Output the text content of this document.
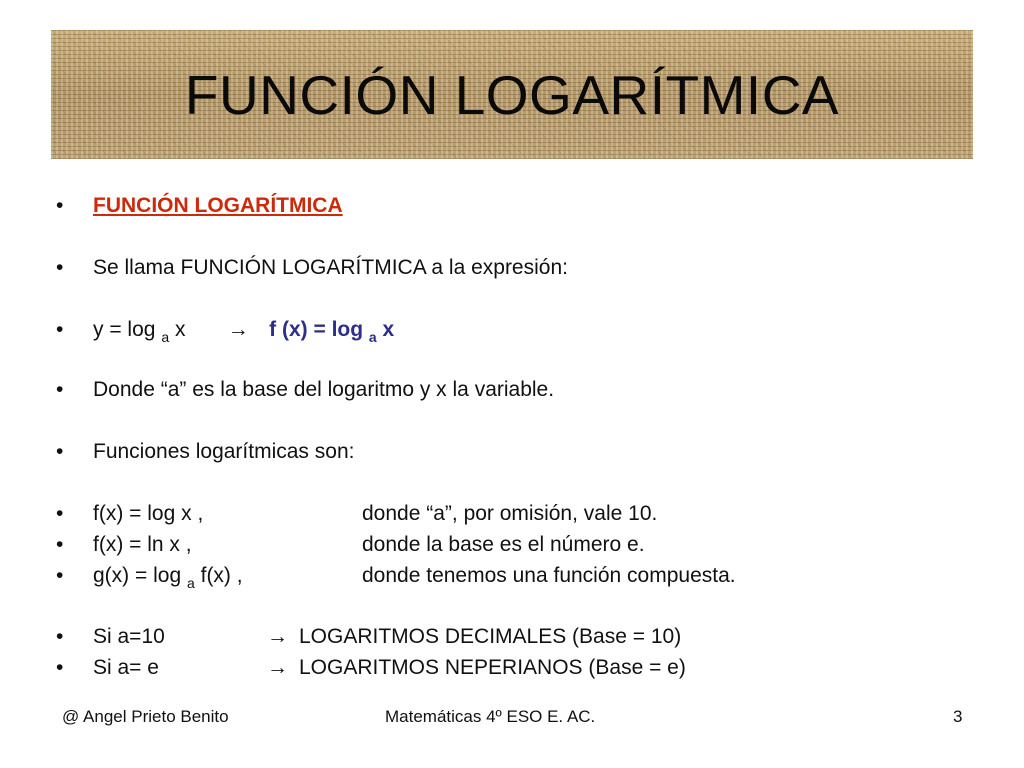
FUNCIÓN LOGARÍTMICA
• FUNCIÓN LOGARÍTMICA
• Se llama FUNCIÓN LOGARÍTMICA a la expresión:
• y = log $_a$ x → f (x) = log $_a$ x
• Donde “a” es la base del logaritmo y x la variable.
• Funciones logarítmicas son:
• f(x) = log x ,	donde “a”, por omisión, vale 10.
• f(x) = ln x ,	donde la base es el número e.
• g(x) = log $_a$ f(x) ,	donde tenemos una función compuesta.
• Si a=10	→ LOGARITMOS DECIMALES (Base = 10)
• Si a= e	→ LOGARITMOS NEPERIANOS (Base = e)
@ Angel Prieto Benito	Matemáticas 4º ESO E. AC.	3
